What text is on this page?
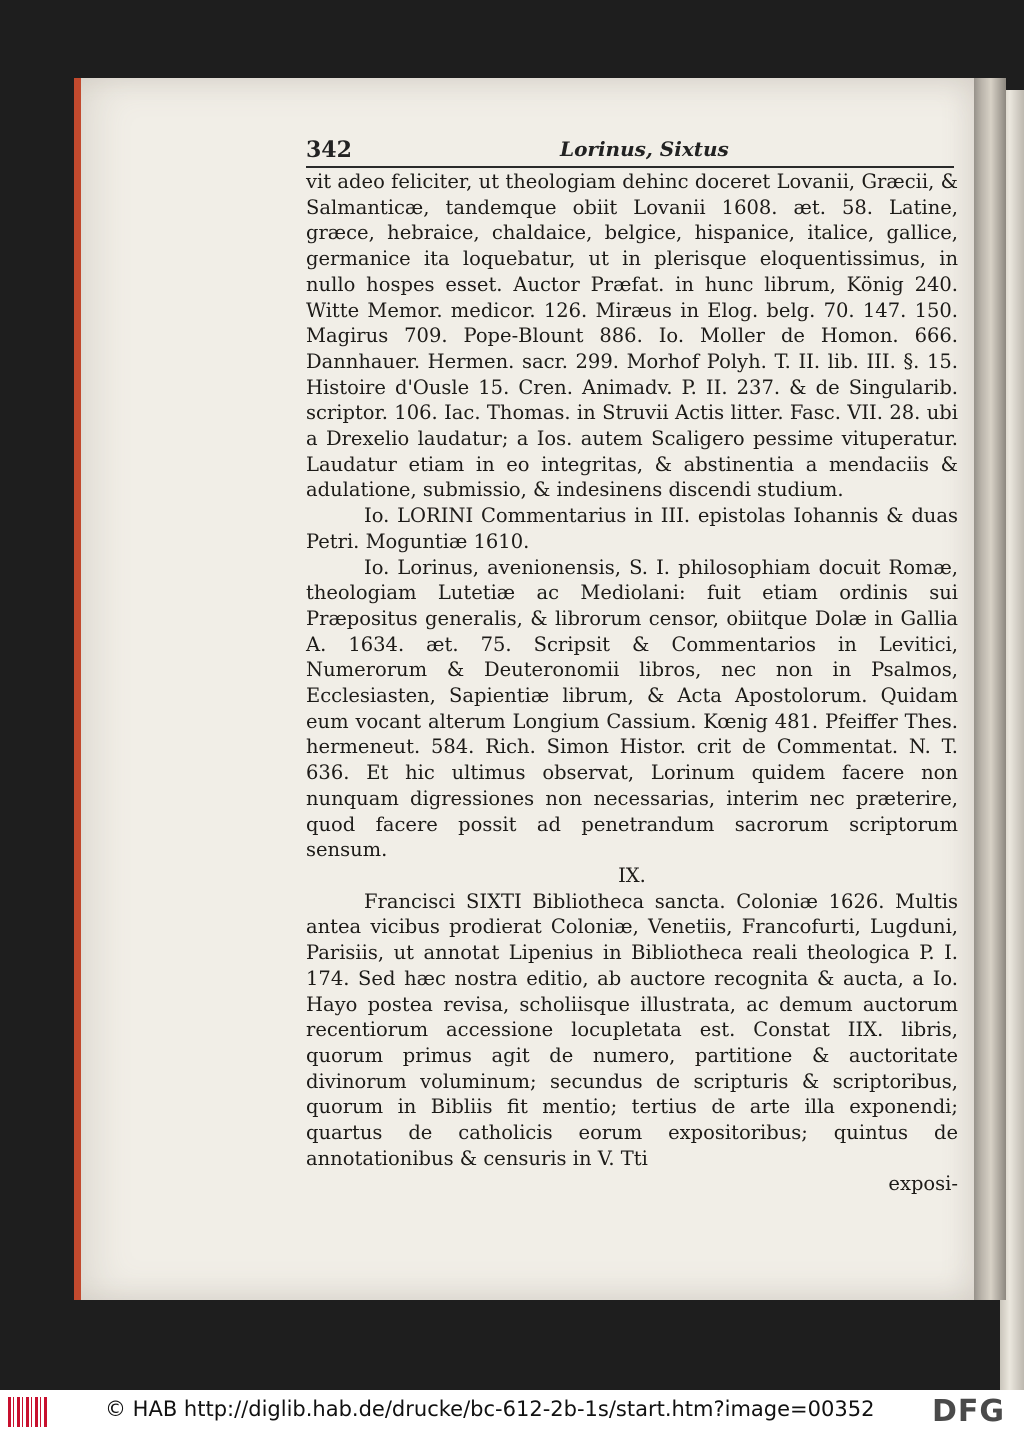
342	Lorinus, Sixtus

vit adeo feliciter, ut theologiam dehinc doceret Lovanii, Græcii, & Salmanticæ, tandemque obiit Lovanii 1608. æt. 58. Latine, græce, hebraice, chaldaice, belgice, hispanice, italice, gallice, germanice ita loquebatur, ut in plerisque eloquentissimus, in nullo hospes esset. Auctor Præfat. in hunc librum, König 240. Witte Memor. medicor. 126. Miræus in Elog. belg. 70. 147. 150. Magirus 709. Pope-Blount 886. Io. Moller de Homon. 666. Dannhauer. Hermen. sacr. 299. Morhof Polyh. T. II. lib. III. §. 15. Histoire d'Ousle 15. Cren. Animadv. P. II. 237. & de Singularib. scriptor. 106. Iac. Thomas. in Struvii Actis litter. Fasc. VII. 28. ubi a Drexelio laudatur; a Ios. autem Scaligero pessime vituperatur. Laudatur etiam in eo integritas, & abstinentia a mendaciis & adulatione, submissio, & indesinens discendi studium.

Io. LORINI Commentarius in III. epistolas Iohannis & duas Petri. Moguntiæ 1610.

Io. Lorinus, avenionensis, S. I. philosophiam docuit Romæ, theologiam Lutetiæ ac Mediolani: fuit etiam ordinis sui Præpositus generalis, & librorum censor, obiitque Dolæ in Gallia A. 1634. æt. 75. Scripsit & Commentarios in Levitici, Numerorum & Deuteronomii libros, nec non in Psalmos, Ecclesiasten, Sapientiæ librum, & Acta Apostolorum. Quidam eum vocant alterum Longium Cassium. Kœnig 481. Pfeiffer Thes. hermeneut. 584. Rich. Simon Histor. crit de Commentat. N. T. 636. Et hic ultimus observat, Lorinum quidem facere non nunquam digressiones non necessarias, interim nec præterire, quod facere possit ad penetrandum sacrorum scriptorum sensum.

IX.

Francisci SIXTI Bibliotheca sancta. Coloniæ 1626. Multis antea vicibus prodierat Coloniæ, Venetiis, Francofurti, Lugduni, Parisiis, ut annotat Lipenius in Bibliotheca reali theologica P. I. 174. Sed hæc nostra editio, ab auctore recognita & aucta, a Io. Hayo postea revisa, scholiisque illustrata, ac demum auctorum recentiorum accessione locupletata est. Constat IIX. libris, quorum primus agit de numero, partitione & auctoritate divinorum voluminum; secundus de scripturis & scriptoribus, quorum in Bibliis fit mentio; tertius de arte illa exponendi; quartus de catholicis eorum expositoribus; quintus de annotationibus & censuris in V. Tti

exposi-

© HAB http://diglib.hab.de/drucke/bc-612-2b-1s/start.htm?image=00352 DFG
